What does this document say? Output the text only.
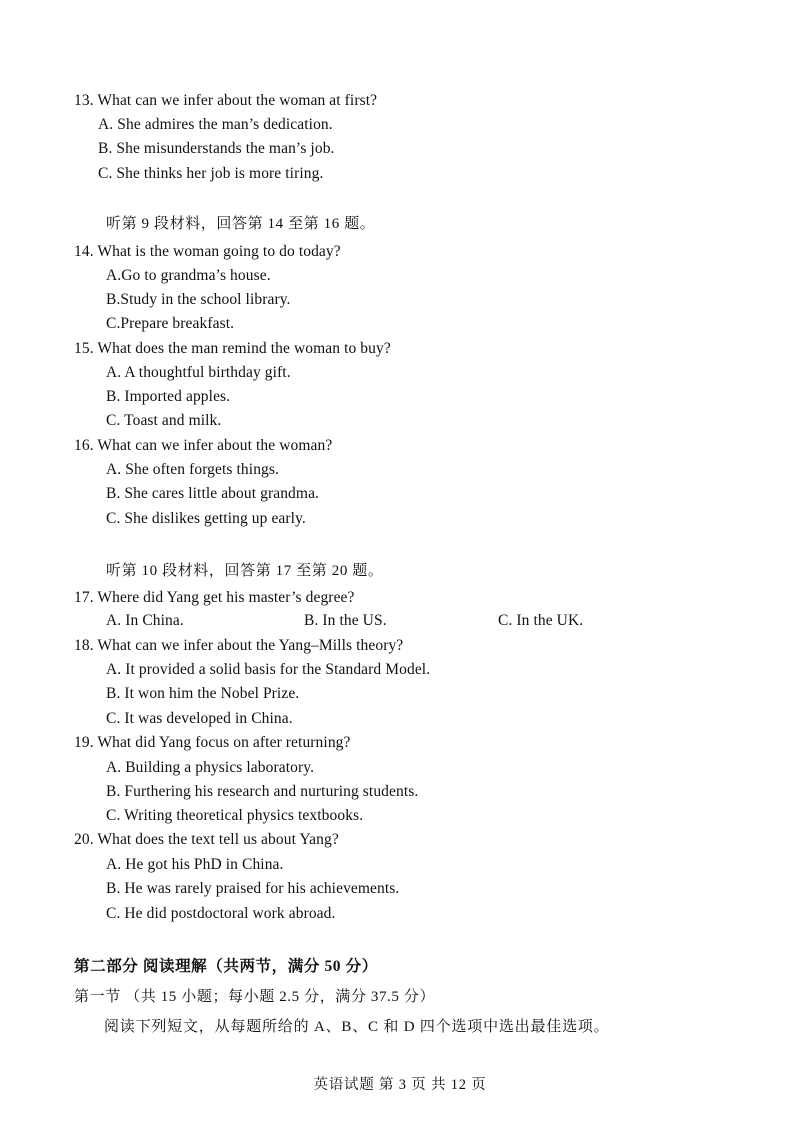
13. What can we infer about the woman at first?
A. She admires the man’s dedication.
B. She misunderstands the man’s job.
C. She thinks her job is more tiring.
听第 9 段材料，回答第 14 至第 16 题。
14. What is the woman going to do today?
A.Go to grandma’s house.
B.Study in the school library.
C.Prepare breakfast.
15. What does the man remind the woman to buy?
A. A thoughtful birthday gift.
B. Imported apples.
C. Toast and milk.
16. What can we infer about the woman?
A. She often forgets things.
B. She cares little about grandma.
C. She dislikes getting up early.
听第 10 段材料，回答第 17 至第 20 题。
17. Where did Yang get his master’s degree?
A. In China.	B. In the US.	C. In the UK.
18. What can we infer about the Yang–Mills theory?
A. It provided a solid basis for the Standard Model.
B. It won him the Nobel Prize.
C. It was developed in China.
19. What did Yang focus on after returning?
A. Building a physics laboratory.
B. Furthering his research and nurturing students.
C. Writing theoretical physics textbooks.
20. What does the text tell us about Yang?
A. He got his PhD in China.
B. He was rarely praised for his achievements.
C. He did postdoctoral work abroad.
第二部分 阅读理解（共两节，满分 50 分）
第一节 （共 15 小题；每小题 2.5 分，满分 37.5 分）
阅读下列短文，从每题所给的 A、B、C 和 D 四个选项中选出最佳选项。
英语试题 第 3 页 共 12 页
